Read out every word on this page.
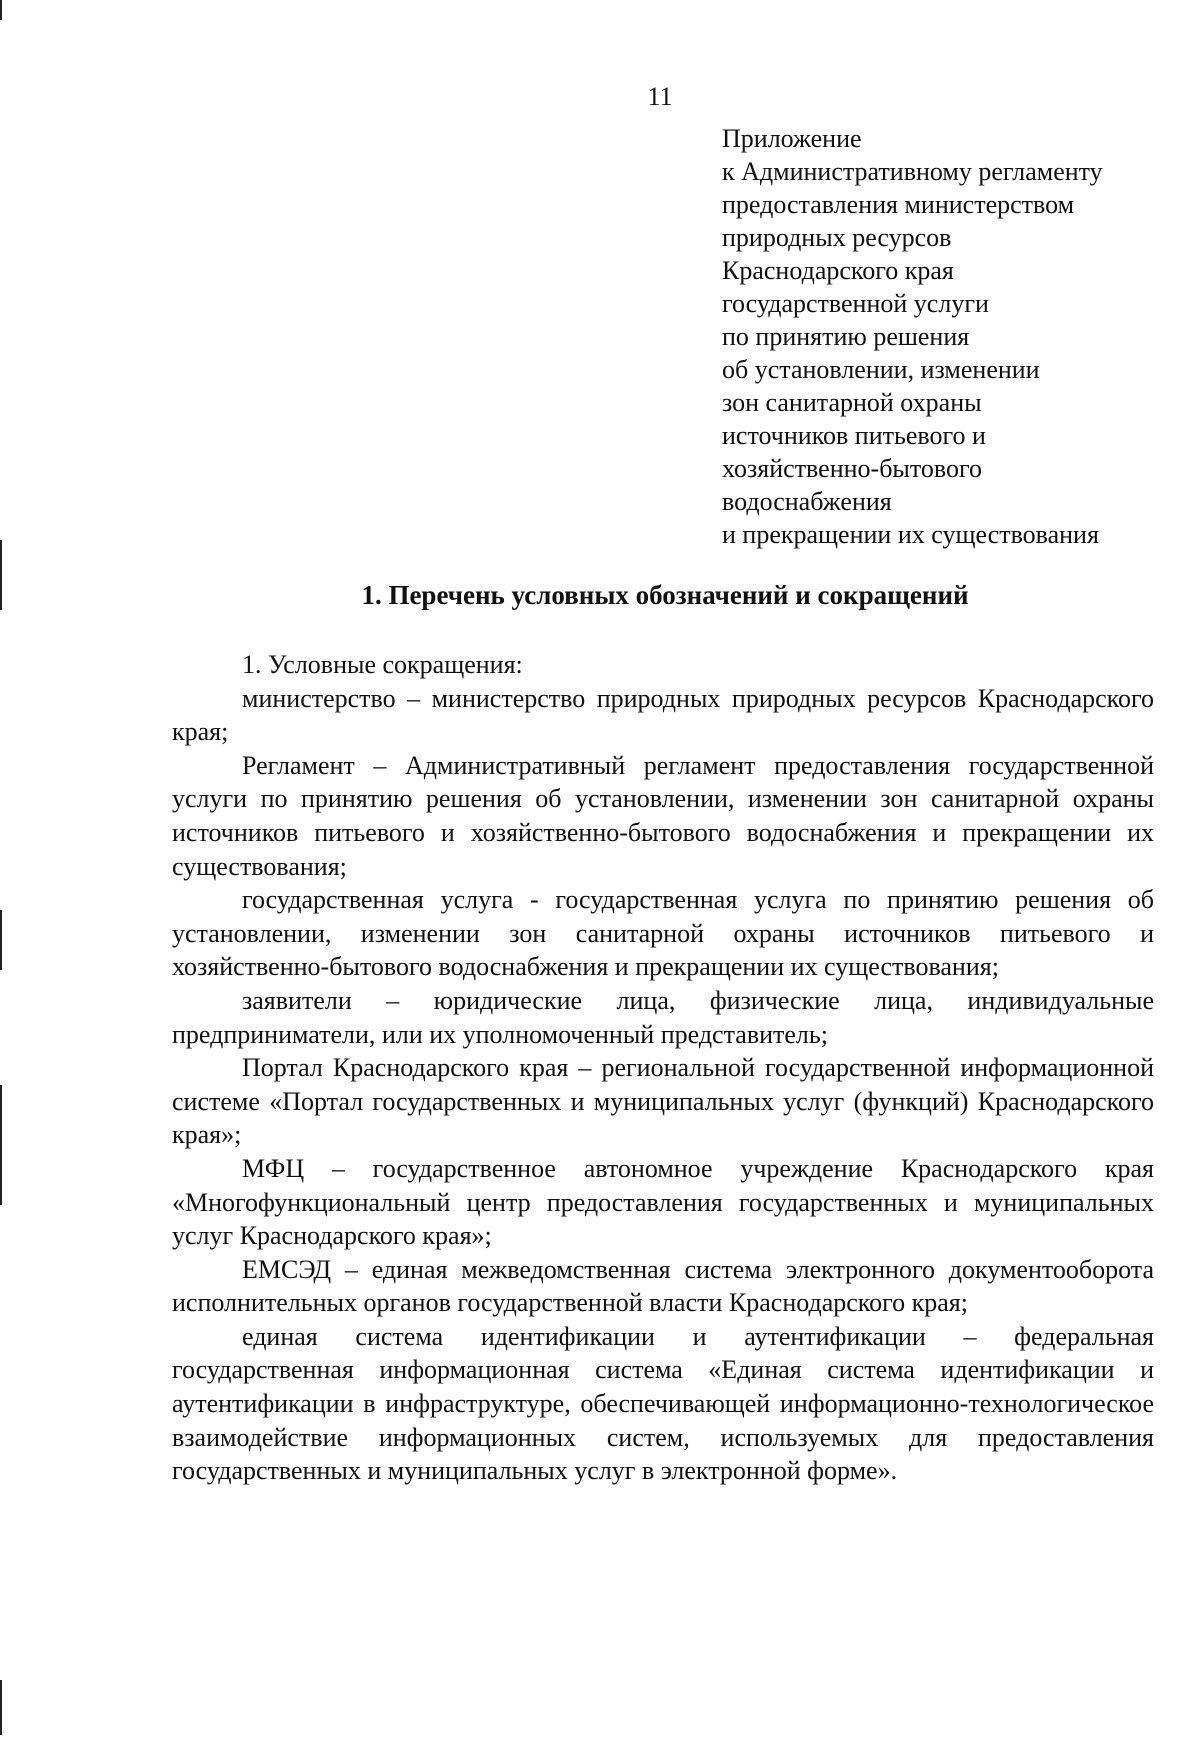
11
Приложение
к Административному регламенту
предоставления министерством
природных ресурсов
Краснодарского края
государственной услуги
по принятию решения
об установлении, изменении
зон санитарной охраны
источников питьевого и
хозяйственно-бытового
водоснабжения
и прекращении их существования
1. Перечень условных обозначений и сокращений

1. Условные сокращения:

министерство – министерство природных природных ресурсов Краснодарского края;

Регламент – Административный регламент предоставления государственной услуги по принятию решения об установлении, изменении зон санитарной охраны источников питьевого и хозяйственно-бытового водоснабжения и прекращении их существования;

государственная услуга - государственная услуга по принятию решения об установлении, изменении зон санитарной охраны источников питьевого и хозяйственно-бытового водоснабжения и прекращении их существования;

заявители – юридические лица, физические лица, индивидуальные предприниматели, или их уполномоченный представитель;

Портал Краснодарского края – региональной государственной информационной системе «Портал государственных и муниципальных услуг (функций) Краснодарского края»;

МФЦ – государственное автономное учреждение Краснодарского края «Многофункциональный центр предоставления государственных и муниципальных услуг Краснодарского края»;

ЕМСЭД – единая межведомственная система электронного документооборота исполнительных органов государственной власти Краснодарского края;

единая система идентификации и аутентификации – федеральная государственная информационная система «Единая система идентификации и аутентификации в инфраструктуре, обеспечивающей информационно-технологическое взаимодействие информационных систем, используемых для предоставления государственных и муниципальных услуг в электронной форме».
